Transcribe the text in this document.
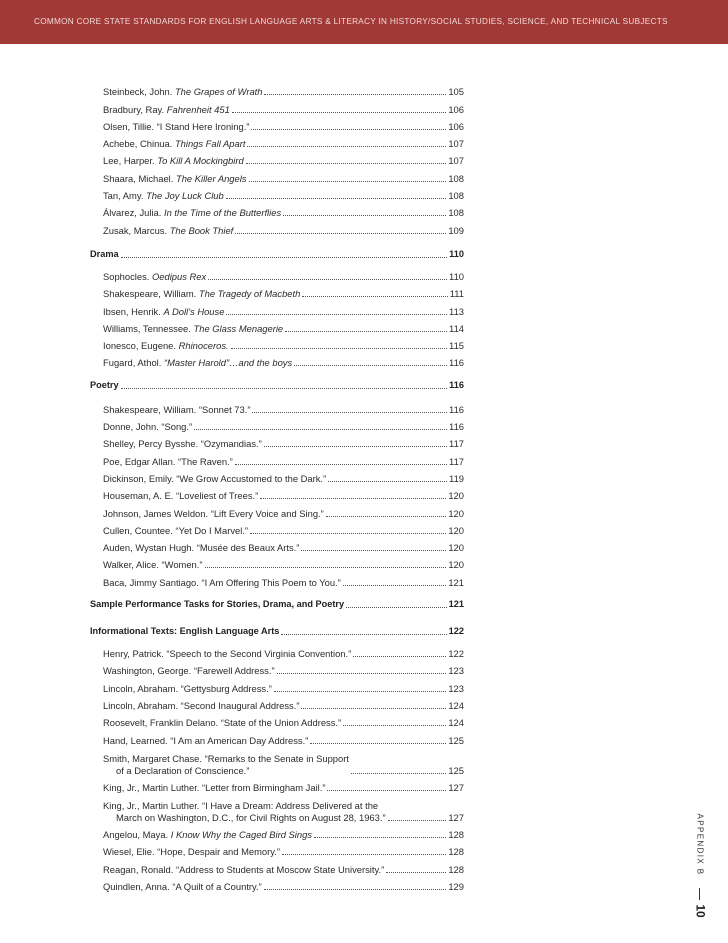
COMMON CORE STATE STANDARDS FOR ENGLISH LANGUAGE ARTS & LITERACY IN HISTORY/SOCIAL STUDIES, SCIENCE, AND TECHNICAL SUBJECTS
Steinbeck, John. The Grapes of Wrath	105
Bradbury, Ray. Fahrenheit 451	106
Olsen, Tillie. “I Stand Here Ironing.”	106
Achebe, Chinua. Things Fall Apart	107
Lee, Harper. To Kill A Mockingbird	107
Shaara, Michael. The Killer Angels	108
Tan, Amy. The Joy Luck Club	108
Álvarez, Julia. In the Time of the Butterflies	108
Zusak, Marcus. The Book Thief	109
Drama	110
Sophocles. Oedipus Rex	110
Shakespeare, William. The Tragedy of Macbeth	111
Ibsen, Henrik. A Doll’s House	113
Williams, Tennessee. The Glass Menagerie	114
Ionesco, Eugene. Rhinoceros.	115
Fugard, Athol. “Master Harold”…and the boys	116
Poetry	116
Shakespeare, William. “Sonnet 73.”	116
Donne, John. “Song.”	116
Shelley, Percy Bysshe. “Ozymandias.”	117
Poe, Edgar Allan. “The Raven.”	117
Dickinson, Emily. “We Grow Accustomed to the Dark.”	119
Houseman, A. E. “Loveliest of Trees.”	120
Johnson, James Weldon. “Lift Every Voice and Sing.”	120
Cullen, Countee. “Yet Do I Marvel.”	120
Auden, Wystan Hugh. “Musée des Beaux Arts.”	120
Walker, Alice. “Women.”	120
Baca, Jimmy Santiago. “I Am Offering This Poem to You.”	121
Sample Performance Tasks for Stories, Drama, and Poetry	121
Informational Texts: English Language Arts	122
Henry, Patrick. “Speech to the Second Virginia Convention.”	122
Washington, George. “Farewell Address.”	123
Lincoln, Abraham. “Gettysburg Address.”	123
Lincoln, Abraham. “Second Inaugural Address.”	124
Roosevelt, Franklin Delano. “State of the Union Address.”	124
Hand, Learned. “I Am an American Day Address.”	125
Smith, Margaret Chase. “Remarks to the Senate in Support
of a Declaration of Conscience.”	125
King, Jr., Martin Luther. “Letter from Birmingham Jail.”	127
King, Jr., Martin Luther. “I Have a Dream: Address Delivered at the
March on Washington, D.C., for Civil Rights on August 28, 1963.”	127
Angelou, Maya. I Know Why the Caged Bird Sings	128
Wiesel, Elie. “Hope, Despair and Memory.”	128
Reagan, Ronald. “Address to Students at Moscow State University.”	128
Quindlen, Anna. “A Quilt of a Country.”	129
APPENDIX B
10
